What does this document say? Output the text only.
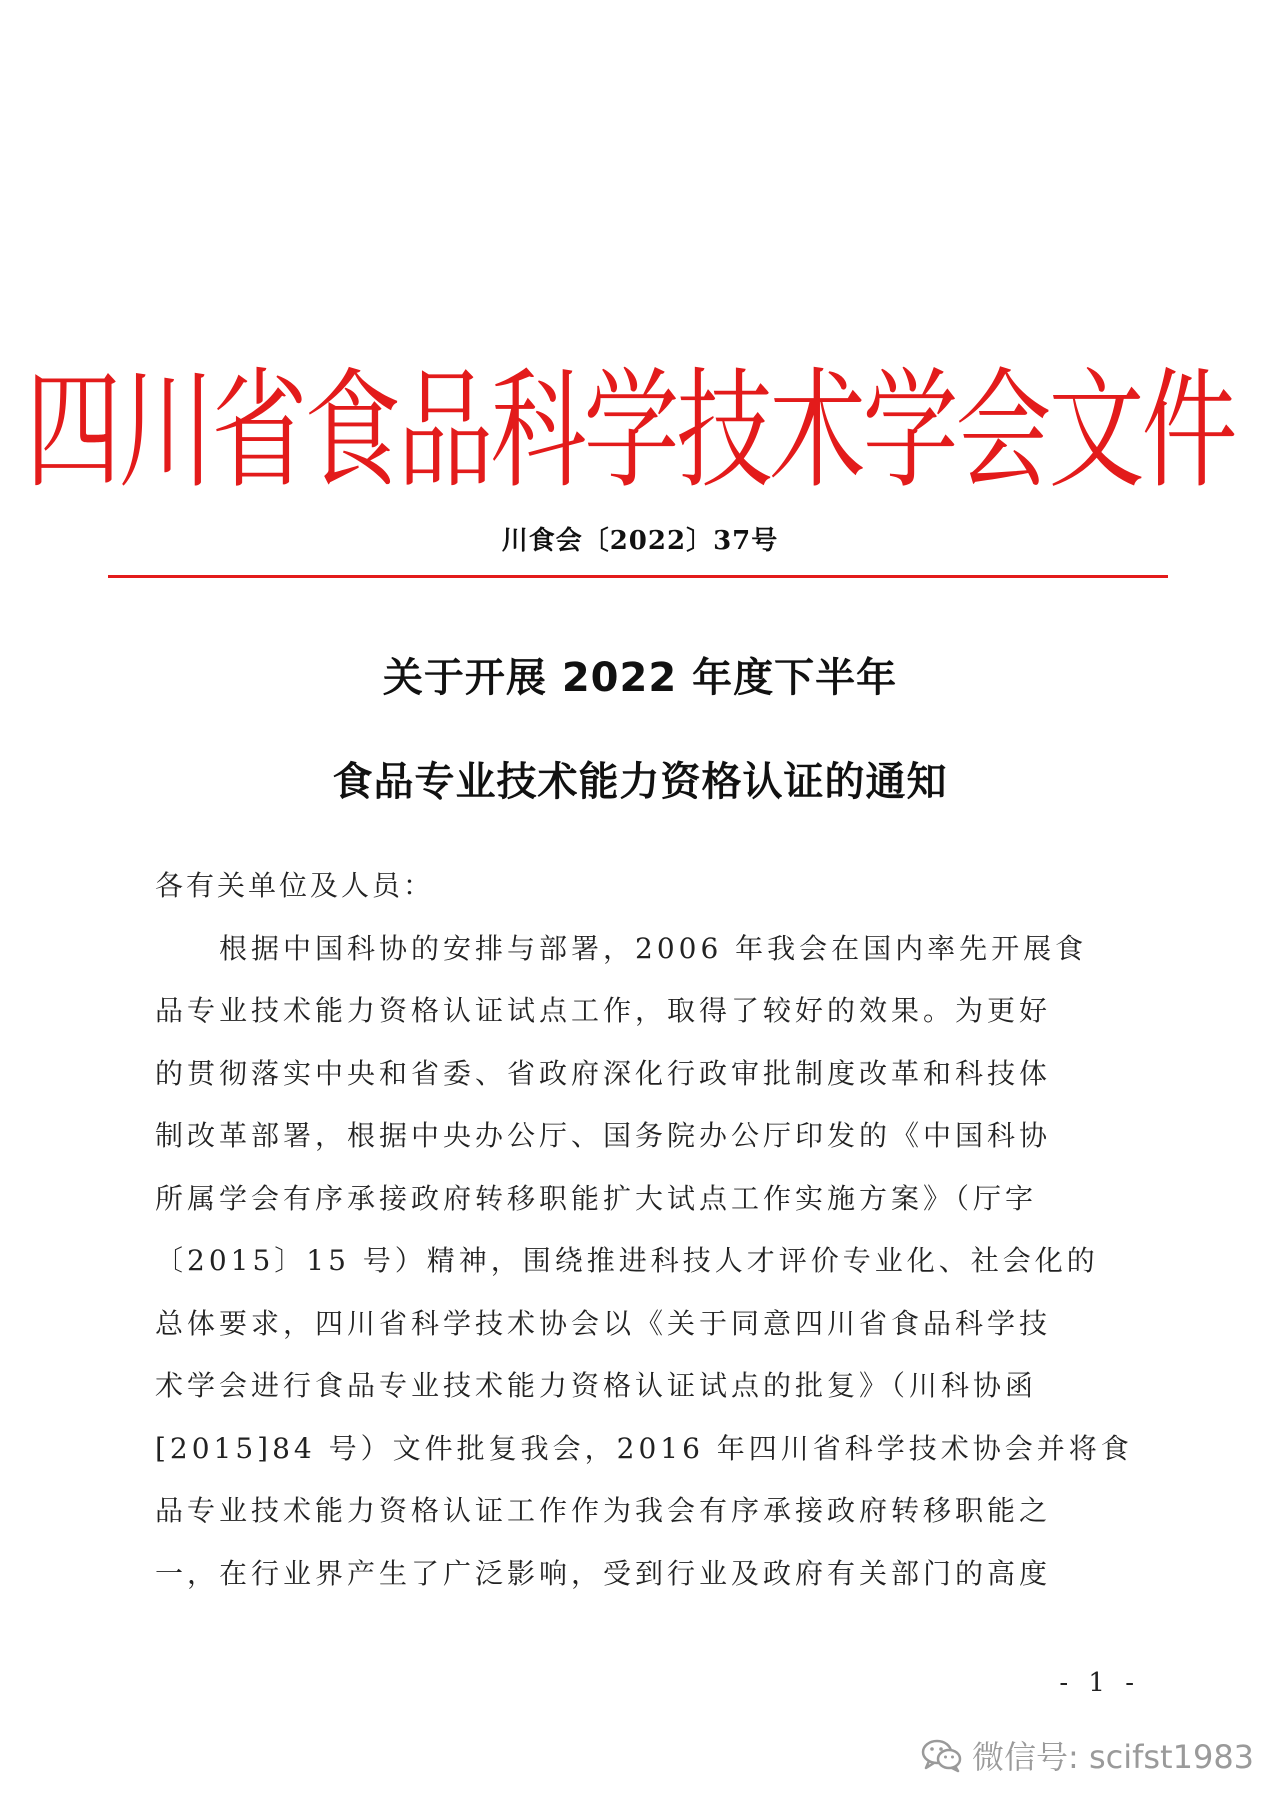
四川省食品科学技术学会文件
川食会〔2022〕37号
关于开展 2022 年度下半年
食品专业技术能力资格认证的通知
各有关单位及人员：
　　根据中国科协的安排与部署，2006 年我会在国内率先开展食
品专业技术能力资格认证试点工作，取得了较好的效果。为更好
的贯彻落实中央和省委、省政府深化行政审批制度改革和科技体
制改革部署，根据中央办公厅、国务院办公厅印发的《中国科协
所属学会有序承接政府转移职能扩大试点工作实施方案》（厅字
〔2015〕15 号）精神，围绕推进科技人才评价专业化、社会化的
总体要求，四川省科学技术协会以《关于同意四川省食品科学技
术学会进行食品专业技术能力资格认证试点的批复》（川科协函
[2015]84 号）文件批复我会，2016 年四川省科学技术协会并将食
品专业技术能力资格认证工作作为我会有序承接政府转移职能之
一，在行业界产生了广泛影响，受到行业及政府有关部门的高度
- 1 -
微信号: scifst1983
